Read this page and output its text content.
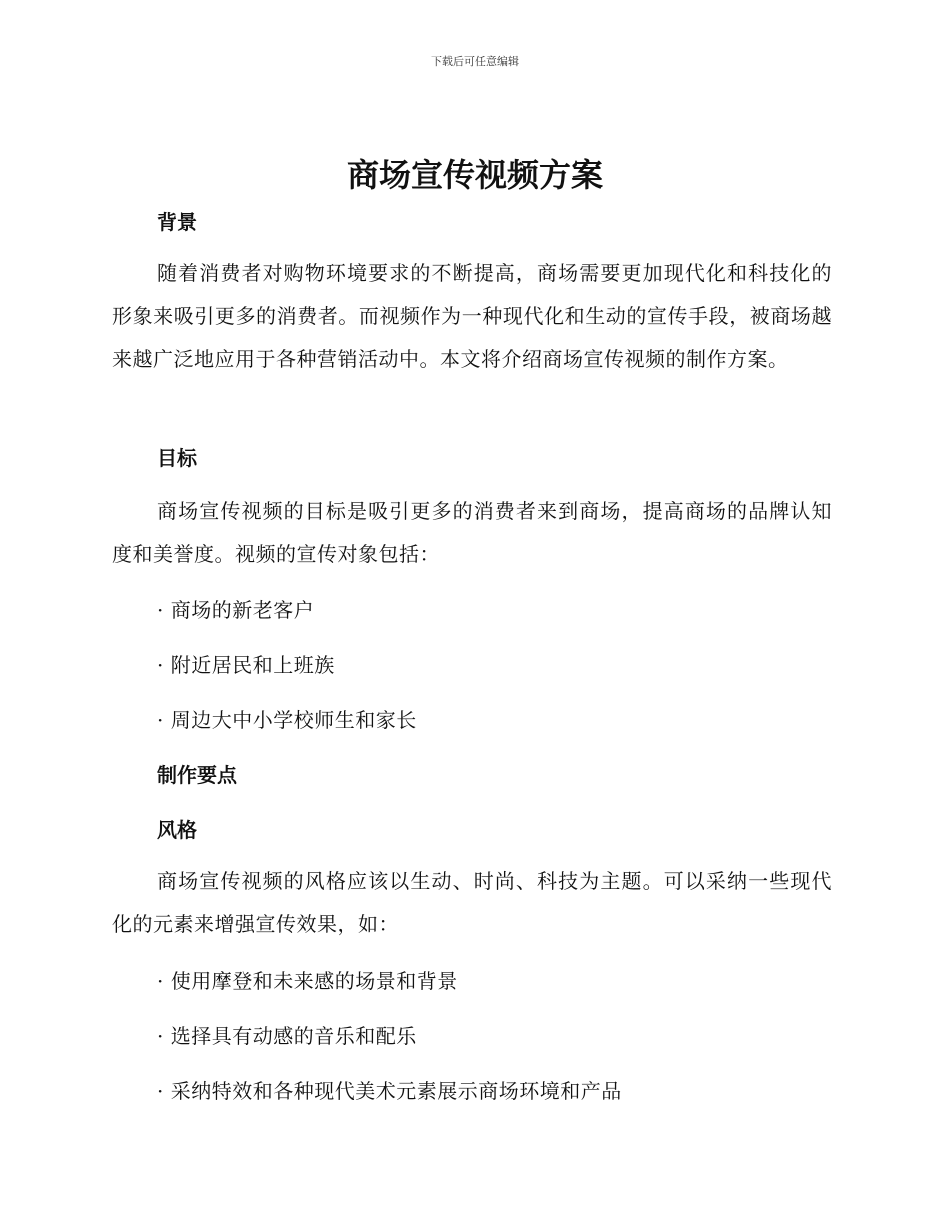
下载后可任意编辑
商场宣传视频方案
背景

随着消费者对购物环境要求的不断提高，商场需要更加现代化和科技化的形象来吸引更多的消费者。而视频作为一种现代化和生动的宣传手段，被商场越来越广泛地应用于各种营销活动中。本文将介绍商场宣传视频的制作方案。

目标

商场宣传视频的目标是吸引更多的消费者来到商场，提高商场的品牌认知度和美誉度。视频的宣传对象包括：

· 商场的新老客户

· 附近居民和上班族

· 周边大中小学校师生和家长

制作要点
风格

商场宣传视频的风格应该以生动、时尚、科技为主题。可以采纳一些现代化的元素来增强宣传效果，如：

· 使用摩登和未来感的场景和背景

· 选择具有动感的音乐和配乐

· 采纳特效和各种现代美术元素展示商场环境和产品
